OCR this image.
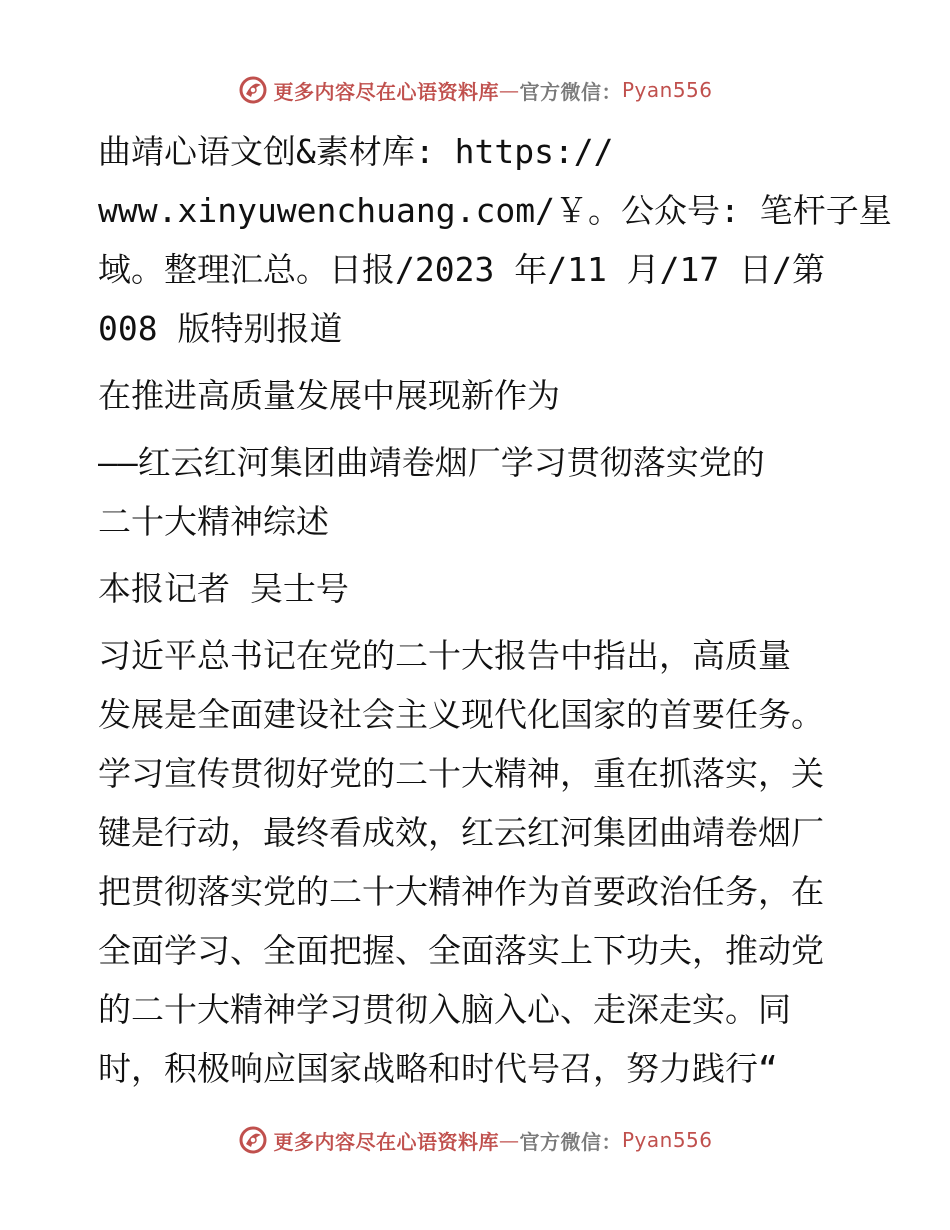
更多内容尽在心语资料库 — 官方微信： Pyan556

曲靖心语文创&素材库: https://

www.xinyuwenchuang.com/￥。公众号: 笔杆子星

域。整理汇总。日报/2023 年/11 月/17 日/第

008 版特别报道

在推进高质量发展中展现新作为

——红云红河集团曲靖卷烟厂学习贯彻落实党的

二十大精神综述

本报记者 吴士号

习近平总书记在党的二十大报告中指出，高质量

发展是全面建设社会主义现代化国家的首要任务。

学习宣传贯彻好党的二十大精神，重在抓落实，关

键是行动，最终看成效，红云红河集团曲靖卷烟厂

把贯彻落实党的二十大精神作为首要政治任务，在

全面学习、全面把握、全面落实上下功夫，推动党

的二十大精神学习贯彻入脑入心、走深走实。同

时，积极响应国家战略和时代号召，努力践行“

更多内容尽在心语资料库 — 官方微信： Pyan556
